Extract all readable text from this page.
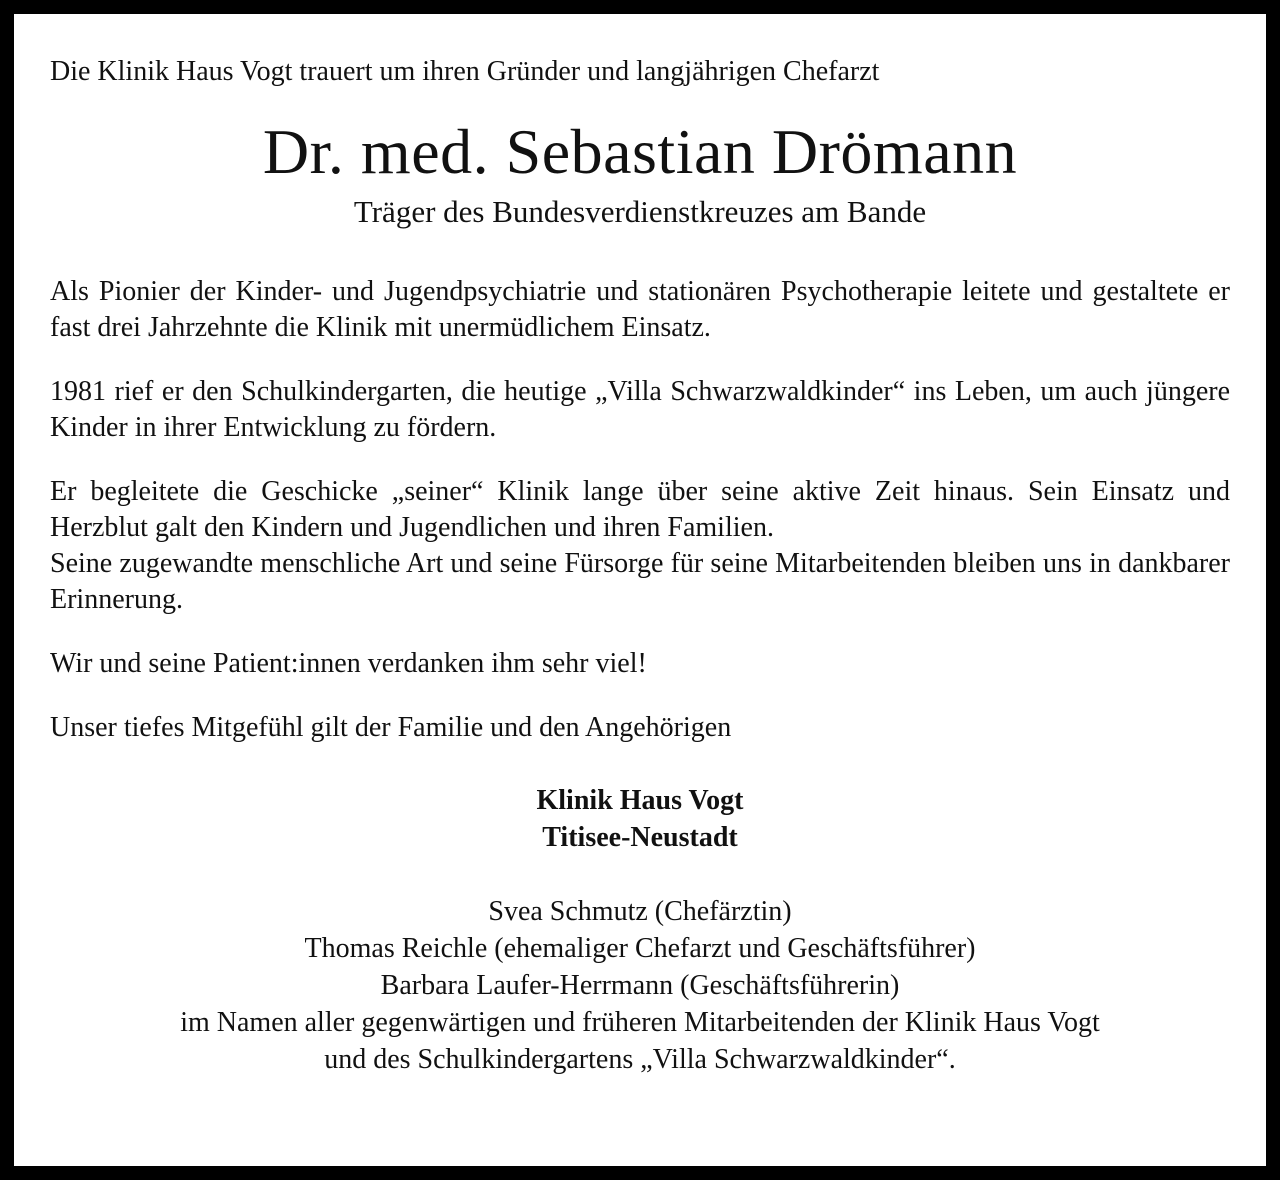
Die Klinik Haus Vogt trauert um ihren Gründer und langjährigen Chefarzt

Dr. med. Sebastian Drömann

Träger des Bundesverdienstkreuzes am Bande

Als Pionier der Kinder- und Jugendpsychiatrie und stationären Psychotherapie leitete und gestaltete er fast drei Jahrzehnte die Klinik mit unermüdlichem Einsatz.

1981 rief er den Schulkindergarten, die heutige „Villa Schwarzwaldkinder“ ins Leben, um auch jüngere Kinder in ihrer Entwicklung zu fördern.

Er begleitete die Geschicke „seiner“ Klinik lange über seine aktive Zeit hinaus. Sein Einsatz und Herzblut galt den Kindern und Jugendlichen und ihren Familien.

Seine zugewandte menschliche Art und seine Fürsorge für seine Mitarbeitenden bleiben uns in dankbarer Erinnerung.

Wir und seine Patient:innen verdanken ihm sehr viel!

Unser tiefes Mitgefühl gilt der Familie und den Angehörigen

Klinik Haus Vogt

Titisee-Neustadt

Svea Schmutz (Chefärztin)

Thomas Reichle (ehemaliger Chefarzt und Geschäftsführer)

Barbara Laufer-Herrmann (Geschäftsführerin)

im Namen aller gegenwärtigen und früheren Mitarbeitenden der Klinik Haus Vogt

und des Schulkindergartens „Villa Schwarzwaldkinder“.
